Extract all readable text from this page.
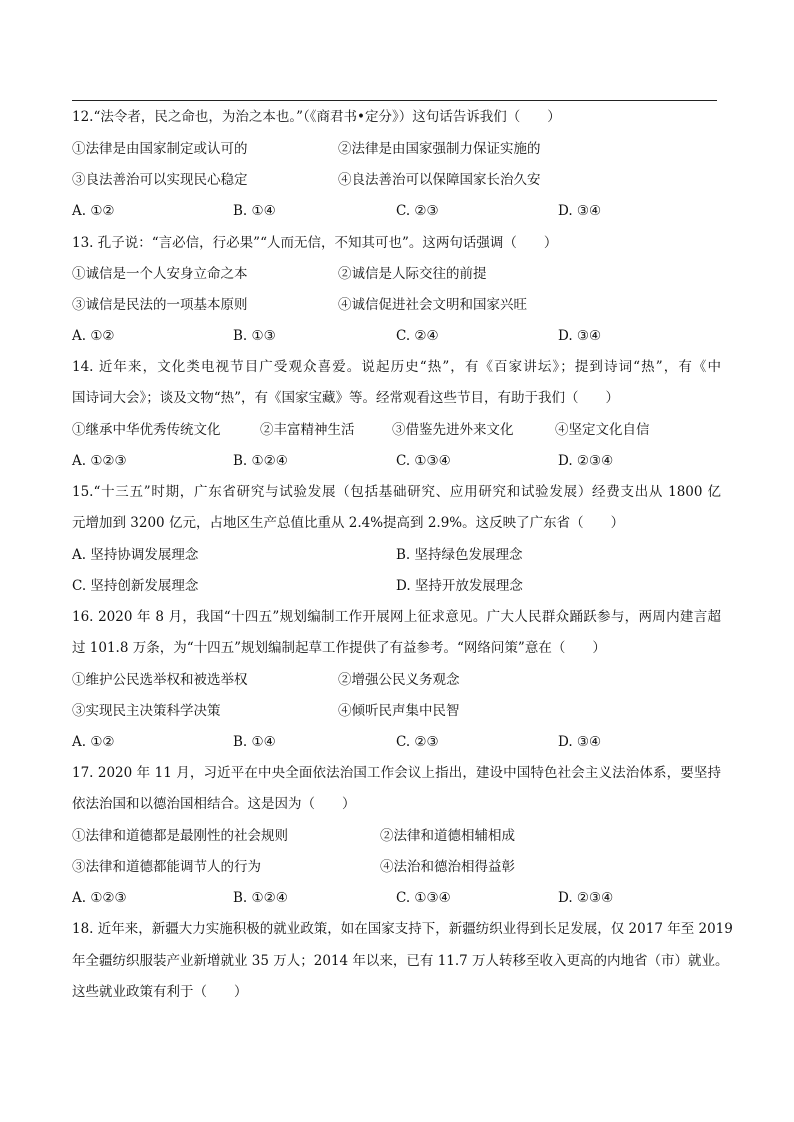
12.“法令者，民之命也，为治之本也。”（《商君书•定分》）这句话告诉我们（　　）
①法律是由国家制定或认可的	②法律是由国家强制力保证实施的
③良法善治可以实现民心稳定	④良法善治可以保障国家长治久安
A. ①②	B. ①④	C. ②③	D. ③④
13. 孔子说：“言必信，行必果”“人而无信，不知其可也”。这两句话强调（　　）
①诚信是一个人安身立命之本	②诚信是人际交往的前提
③诚信是民法的一项基本原则	④诚信促进社会文明和国家兴旺
A. ①②	B. ①③	C. ②④	D. ③④
14. 近年来，文化类电视节目广受观众喜爱。说起历史“热”，有《百家讲坛》；提到诗词“热”，有《中
国诗词大会》；谈及文物“热”，有《国家宝藏》等。经常观看这些节目，有助于我们（　　）
①继承中华优秀传统文化	②丰富精神生活	③借鉴先进外来文化	④坚定文化自信
A. ①②③	B. ①②④	C. ①③④	D. ②③④
15.“十三五”时期，广东省研究与试验发展（包括基础研究、应用研究和试验发展）经费支出从 1800 亿
元增加到 3200 亿元，占地区生产总值比重从 2.4%提高到 2.9%。这反映了广东省（　　）
A. 坚持协调发展理念	B. 坚持绿色发展理念
C. 坚持创新发展理念	D. 坚持开放发展理念
16. 2020 年 8 月，我国“十四五”规划编制工作开展网上征求意见。广大人民群众踊跃参与，两周内建言超
过 101.8 万条，为“十四五”规划编制起草工作提供了有益参考。“网络问策”意在（　　）
①维护公民选举权和被选举权	②增强公民义务观念
③实现民主决策科学决策	④倾听民声集中民智
A. ①②	B. ①④	C. ②③	D. ③④
17. 2020 年 11 月，习近平在中央全面依法治国工作会议上指出，建设中国特色社会主义法治体系，要坚持
依法治国和以德治国相结合。这是因为（　　）
①法律和道德都是最刚性的社会规则	②法律和道德相辅相成
③法律和道德都能调节人的行为	④法治和德治相得益彰
A. ①②③	B. ①②④	C. ①③④	D. ②③④
18. 近年来，新疆大力实施积极的就业政策，如在国家支持下，新疆纺织业得到长足发展，仅 2017 年至 2019
年全疆纺织服装产业新增就业 35 万人；2014 年以来，已有 11.7 万人转移至收入更高的内地省（市）就业。
这些就业政策有利于（　　）
